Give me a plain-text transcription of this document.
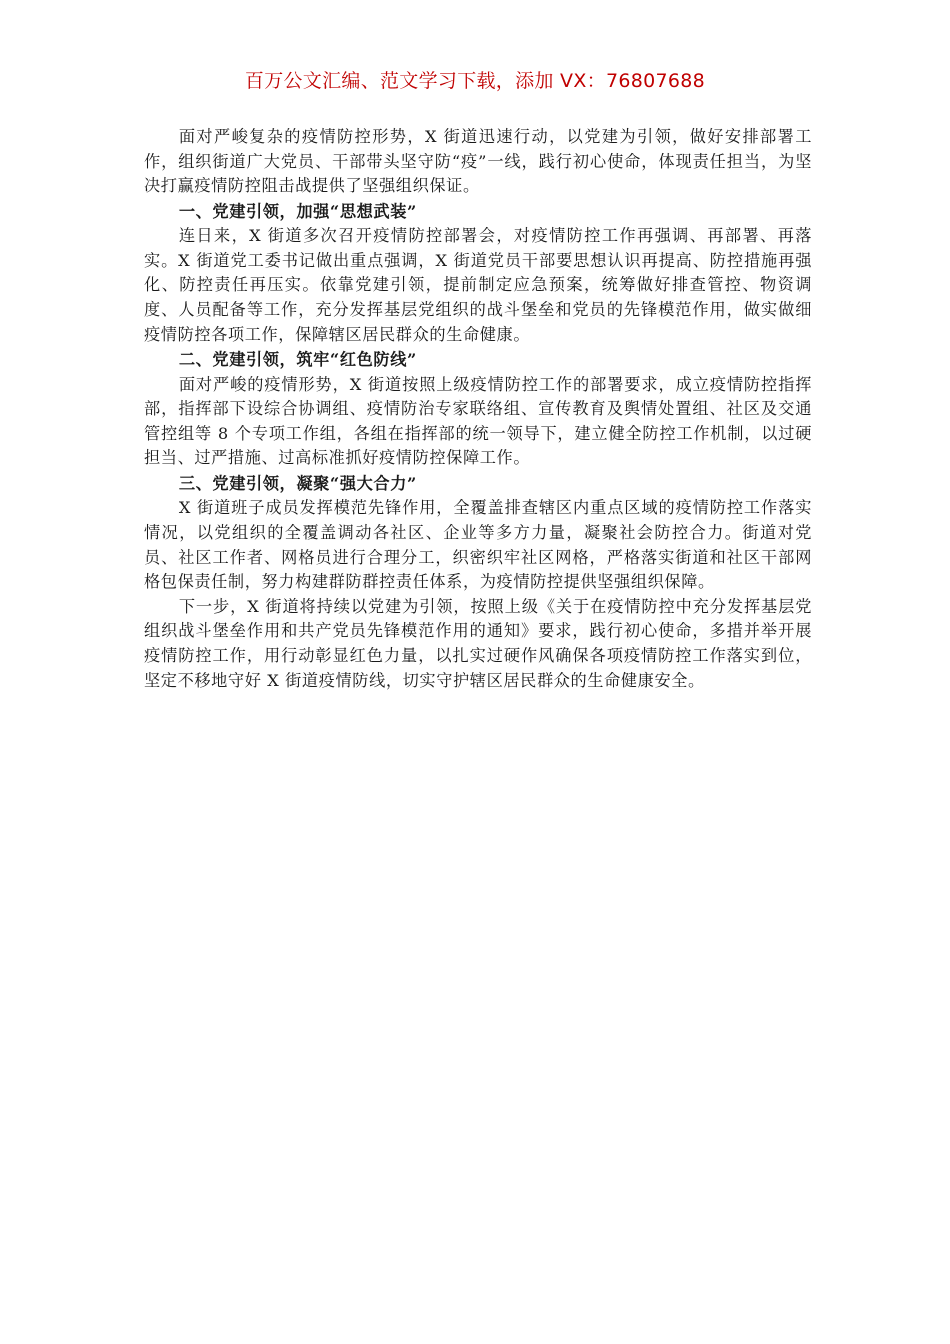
百万公文汇编、范文学习下载，添加 VX：76807688

面对严峻复杂的疫情防控形势，X 街道迅速行动，以党建为引领，做好安排部署工作，组织街道广大党员、干部带头坚守防“疫”一线，践行初心使命，体现责任担当，为坚决打赢疫情防控阻击战提供了坚强组织保证。

一、党建引领，加强“思想武装”

连日来，X 街道多次召开疫情防控部署会，对疫情防控工作再强调、再部署、再落实。X 街道党工委书记做出重点强调，X 街道党员干部要思想认识再提高、防控措施再强化、防控责任再压实。依靠党建引领，提前制定应急预案，统筹做好排查管控、物资调度、人员配备等工作，充分发挥基层党组织的战斗堡垒和党员的先锋模范作用，做实做细疫情防控各项工作，保障辖区居民群众的生命健康。

二、党建引领，筑牢“红色防线”

面对严峻的疫情形势，X 街道按照上级疫情防控工作的部署要求，成立疫情防控指挥部，指挥部下设综合协调组、疫情防治专家联络组、宣传教育及舆情处置组、社区及交通管控组等 8 个专项工作组，各组在指挥部的统一领导下，建立健全防控工作机制，以过硬担当、过严措施、过高标准抓好疫情防控保障工作。

三、党建引领，凝聚“强大合力”

X 街道班子成员发挥模范先锋作用，全覆盖排查辖区内重点区域的疫情防控工作落实情况，以党组织的全覆盖调动各社区、企业等多方力量，凝聚社会防控合力。街道对党员、社区工作者、网格员进行合理分工，织密织牢社区网格，严格落实街道和社区干部网格包保责任制，努力构建群防群控责任体系，为疫情防控提供坚强组织保障。

下一步，X 街道将持续以党建为引领，按照上级《关于在疫情防控中充分发挥基层党组织战斗堡垒作用和共产党员先锋模范作用的通知》要求，践行初心使命，多措并举开展疫情防控工作，用行动彰显红色力量，以扎实过硬作风确保各项疫情防控工作落实到位，坚定不移地守好 X 街道疫情防线，切实守护辖区居民群众的生命健康安全。
